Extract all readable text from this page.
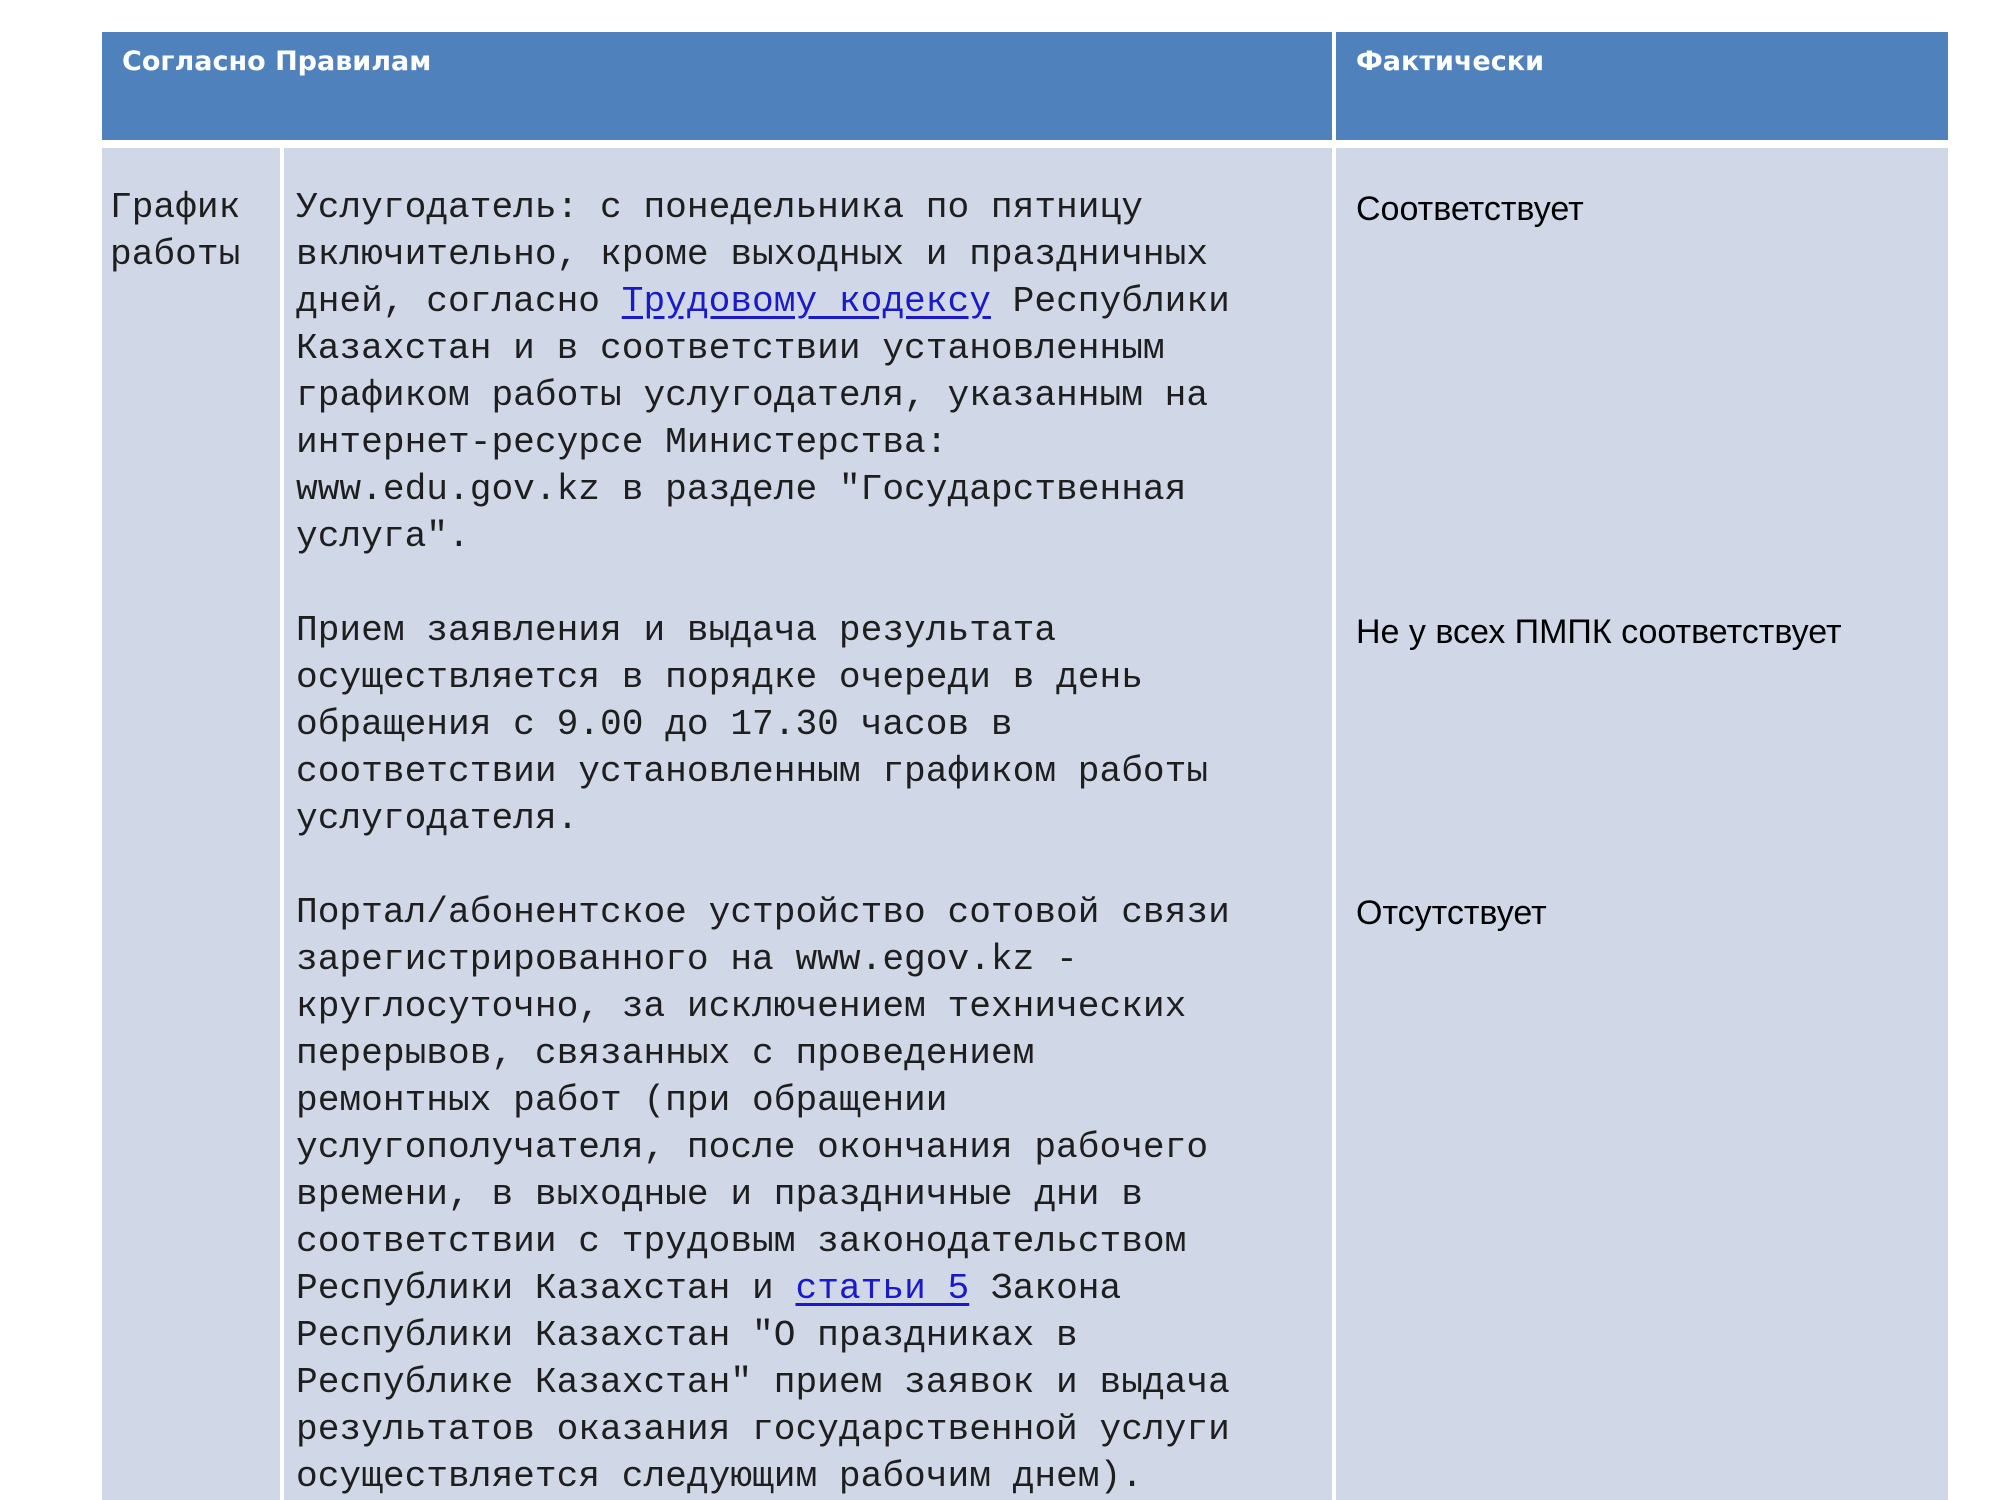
Согласно Правилам	Фактически
График
работы
Услугодатель: с понедельника по пятницу
включительно, кроме выходных и праздничных
дней, согласно Трудовому кодексу Республики
Казахстан и в соответствии установленным
графиком работы услугодателя, указанным на
интернет-ресурсе Министерства:
www.edu.gov.kz в разделе "Государственная
услуга".
Прием заявления и выдача результата
осуществляется в порядке очереди в день
обращения с 9.00 до 17.30 часов в
соответствии установленным графиком работы
услугодателя.
Портал/абонентское устройство сотовой связи
зарегистрированного на www.egov.kz -
круглосуточно, за исключением технических
перерывов, связанных с проведением
ремонтных работ (при обращении
услугополучателя, после окончания рабочего
времени, в выходные и праздничные дни в
соответствии с трудовым законодательством
Республики Казахстан и статьи 5 Закона
Республики Казахстан "О праздниках в
Республике Казахстан" прием заявок и выдача
результатов оказания государственной услуги
осуществляется следующим рабочим днем).
Соответствует
Не у всех ПМПК соответствует
Отсутствует
